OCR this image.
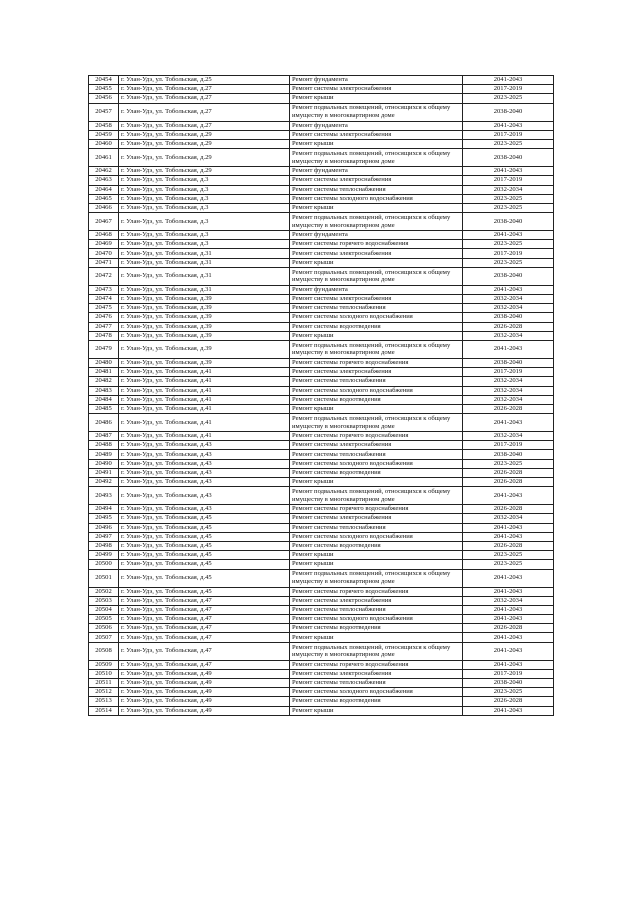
20454	г. Улан-Удэ, ул. Тобольская, д.25	Ремонт фундамента	2041-2043
20455	г. Улан-Удэ, ул. Тобольская, д.27	Ремонт системы электроснабжения	2017-2019
20456	г. Улан-Удэ, ул. Тобольская, д.27	Ремонт крыши	2023-2025
20457	г. Улан-Удэ, ул. Тобольская, д.27	Ремонт подвальных помещений, относящихся к общему имуществу в многоквартирном доме	2038-2040
20458	г. Улан-Удэ, ул. Тобольская, д.27	Ремонт фундамента	2041-2043
20459	г. Улан-Удэ, ул. Тобольская, д.29	Ремонт системы электроснабжения	2017-2019
20460	г. Улан-Удэ, ул. Тобольская, д.29	Ремонт крыши	2023-2025
20461	г. Улан-Удэ, ул. Тобольская, д.29	Ремонт подвальных помещений, относящихся к общему имуществу в многоквартирном доме	2038-2040
20462	г. Улан-Удэ, ул. Тобольская, д.29	Ремонт фундамента	2041-2043
20463	г. Улан-Удэ, ул. Тобольская, д.3	Ремонт системы электроснабжения	2017-2019
20464	г. Улан-Удэ, ул. Тобольская, д.3	Ремонт системы теплоснабжения	2032-2034
20465	г. Улан-Удэ, ул. Тобольская, д.3	Ремонт системы холодного водоснабжения	2023-2025
20466	г. Улан-Удэ, ул. Тобольская, д.3	Ремонт крыши	2023-2025
20467	г. Улан-Удэ, ул. Тобольская, д.3	Ремонт подвальных помещений, относящихся к общему имуществу в многоквартирном доме	2038-2040
20468	г. Улан-Удэ, ул. Тобольская, д.3	Ремонт фундамента	2041-2043
20469	г. Улан-Удэ, ул. Тобольская, д.3	Ремонт системы горячего водоснабжения	2023-2025
20470	г. Улан-Удэ, ул. Тобольская, д.31	Ремонт системы электроснабжения	2017-2019
20471	г. Улан-Удэ, ул. Тобольская, д.31	Ремонт крыши	2023-2025
20472	г. Улан-Удэ, ул. Тобольская, д.31	Ремонт подвальных помещений, относящихся к общему имуществу в многоквартирном доме	2038-2040
20473	г. Улан-Удэ, ул. Тобольская, д.31	Ремонт фундамента	2041-2043
20474	г. Улан-Удэ, ул. Тобольская, д.39	Ремонт системы электроснабжения	2032-2034
20475	г. Улан-Удэ, ул. Тобольская, д.39	Ремонт системы теплоснабжения	2032-2034
20476	г. Улан-Удэ, ул. Тобольская, д.39	Ремонт системы холодного водоснабжения	2038-2040
20477	г. Улан-Удэ, ул. Тобольская, д.39	Ремонт системы водоотведения	2026-2028
20478	г. Улан-Удэ, ул. Тобольская, д.39	Ремонт крыши	2032-2034
20479	г. Улан-Удэ, ул. Тобольская, д.39	Ремонт подвальных помещений, относящихся к общему имуществу в многоквартирном доме	2041-2043
20480	г. Улан-Удэ, ул. Тобольская, д.39	Ремонт системы горячего водоснабжения	2038-2040
20481	г. Улан-Удэ, ул. Тобольская, д.41	Ремонт системы электроснабжения	2017-2019
20482	г. Улан-Удэ, ул. Тобольская, д.41	Ремонт системы теплоснабжения	2032-2034
20483	г. Улан-Удэ, ул. Тобольская, д.41	Ремонт системы холодного водоснабжения	2032-2034
20484	г. Улан-Удэ, ул. Тобольская, д.41	Ремонт системы водоотведения	2032-2034
20485	г. Улан-Удэ, ул. Тобольская, д.41	Ремонт крыши	2026-2028
20486	г. Улан-Удэ, ул. Тобольская, д.41	Ремонт подвальных помещений, относящихся к общему имуществу в многоквартирном доме	2041-2043
20487	г. Улан-Удэ, ул. Тобольская, д.41	Ремонт системы горячего водоснабжения	2032-2034
20488	г. Улан-Удэ, ул. Тобольская, д.43	Ремонт системы электроснабжения	2017-2019
20489	г. Улан-Удэ, ул. Тобольская, д.43	Ремонт системы теплоснабжения	2038-2040
20490	г. Улан-Удэ, ул. Тобольская, д.43	Ремонт системы холодного водоснабжения	2023-2025
20491	г. Улан-Удэ, ул. Тобольская, д.43	Ремонт системы водоотведения	2026-2028
20492	г. Улан-Удэ, ул. Тобольская, д.43	Ремонт крыши	2026-2028
20493	г. Улан-Удэ, ул. Тобольская, д.43	Ремонт подвальных помещений, относящихся к общему имуществу в многоквартирном доме	2041-2043
20494	г. Улан-Удэ, ул. Тобольская, д.43	Ремонт системы горячего водоснабжения	2026-2028
20495	г. Улан-Удэ, ул. Тобольская, д.45	Ремонт системы электроснабжения	2032-2034
20496	г. Улан-Удэ, ул. Тобольская, д.45	Ремонт системы теплоснабжения	2041-2043
20497	г. Улан-Удэ, ул. Тобольская, д.45	Ремонт системы холодного водоснабжения	2041-2043
20498	г. Улан-Удэ, ул. Тобольская, д.45	Ремонт системы водоотведения	2026-2028
20499	г. Улан-Удэ, ул. Тобольская, д.45	Ремонт крыши	2023-2025
20500	г. Улан-Удэ, ул. Тобольская, д.45	Ремонт крыши	2023-2025
20501	г. Улан-Удэ, ул. Тобольская, д.45	Ремонт подвальных помещений, относящихся к общему имуществу в многоквартирном доме	2041-2043
20502	г. Улан-Удэ, ул. Тобольская, д.45	Ремонт системы горячего водоснабжения	2041-2043
20503	г. Улан-Удэ, ул. Тобольская, д.47	Ремонт системы электроснабжения	2032-2034
20504	г. Улан-Удэ, ул. Тобольская, д.47	Ремонт системы теплоснабжения	2041-2043
20505	г. Улан-Удэ, ул. Тобольская, д.47	Ремонт системы холодного водоснабжения	2041-2043
20506	г. Улан-Удэ, ул. Тобольская, д.47	Ремонт системы водоотведения	2026-2028
20507	г. Улан-Удэ, ул. Тобольская, д.47	Ремонт крыши	2041-2043
20508	г. Улан-Удэ, ул. Тобольская, д.47	Ремонт подвальных помещений, относящихся к общему имуществу в многоквартирном доме	2041-2043
20509	г. Улан-Удэ, ул. Тобольская, д.47	Ремонт системы горячего водоснабжения	2041-2043
20510	г. Улан-Удэ, ул. Тобольская, д.49	Ремонт системы электроснабжения	2017-2019
20511	г. Улан-Удэ, ул. Тобольская, д.49	Ремонт системы теплоснабжения	2038-2040
20512	г. Улан-Удэ, ул. Тобольская, д.49	Ремонт системы холодного водоснабжения	2023-2025
20513	г. Улан-Удэ, ул. Тобольская, д.49	Ремонт системы водоотведения	2026-2028
20514	г. Улан-Удэ, ул. Тобольская, д.49	Ремонт крыши	2041-2043
